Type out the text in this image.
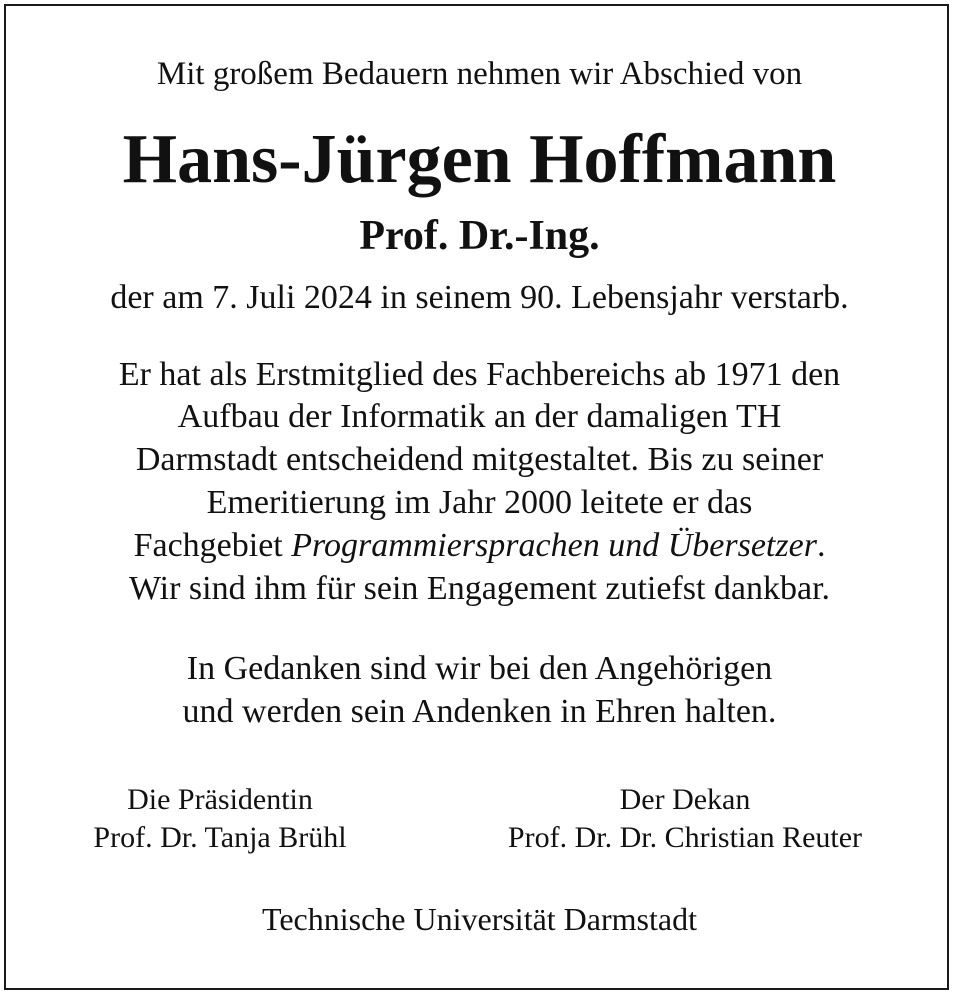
Mit großem Bedauern nehmen wir Abschied von
Hans-Jürgen Hoffmann
Prof. Dr.-Ing.
der am 7. Juli 2024 in seinem 90. Lebensjahr verstarb.
Er hat als Erstmitglied des Fachbereichs ab 1971 den
Aufbau der Informatik an der damaligen TH
Darmstadt entscheidend mitgestaltet. Bis zu seiner
Emeritierung im Jahr 2000 leitete er das
Fachgebiet Programmiersprachen und Übersetzer.
Wir sind ihm für sein Engagement zutiefst dankbar.
In Gedanken sind wir bei den Angehörigen
und werden sein Andenken in Ehren halten.
Die Präsidentin
Prof. Dr. Tanja Brühl
Der Dekan
Prof. Dr. Dr. Christian Reuter
Technische Universität Darmstadt
